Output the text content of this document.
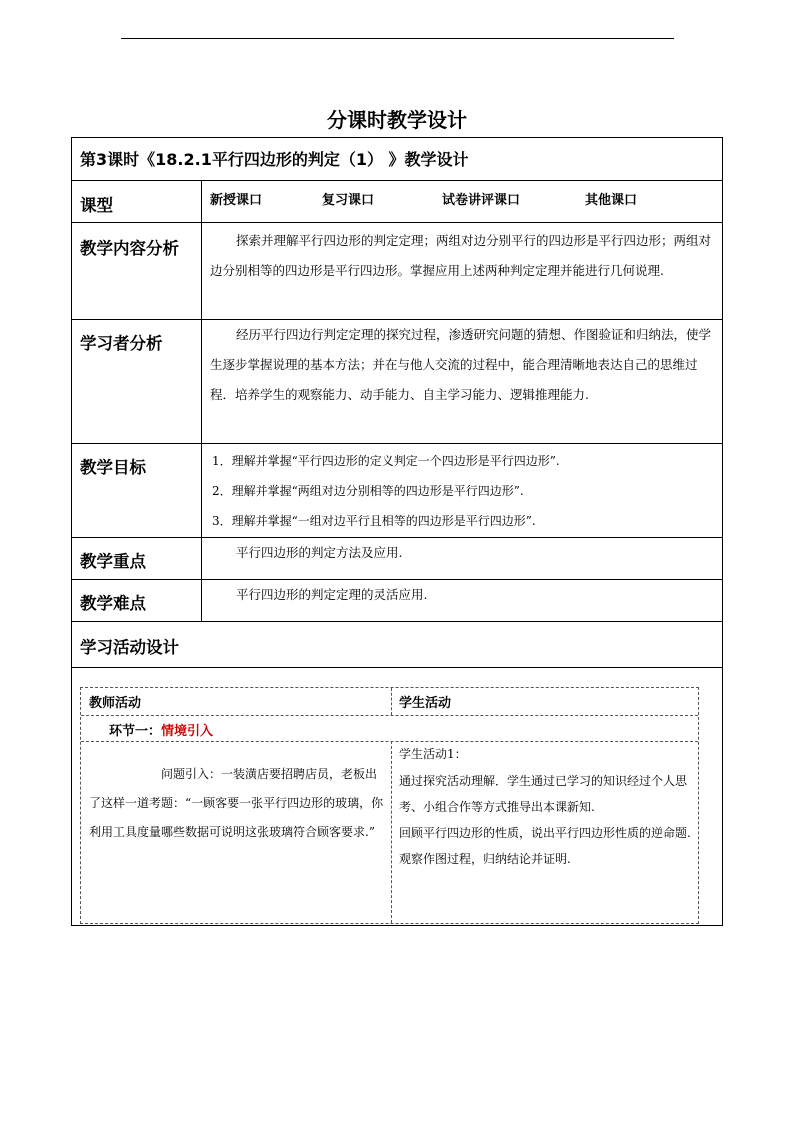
分课时教学设计
第3课时《18.2.1平行四边形的判定（1） 》教学设计
课型	新授课口	复习课口	试卷讲评课口	其他课口
教学内容分析	探索并理解平行四边形的判定定理；两组对边分别平行的四边形是平行四边形；两组对边分别相等的四边形是平行四边形。掌握应用上述两种判定定理并能进行几何说理.

学习者分析	经历平行四边行判定定理的探究过程，渗透研究问题的猜想、作图验证和归纳法，使学生逐步掌握说理的基本方法；并在与他人交流的过程中，能合理清晰地表达自己的思维过程．培养学生的观察能力、动手能力、自主学习能力、逻辑推理能力.

教学目标	1．理解并掌握“平行四边形的定义判定一个四边形是平行四边形”.
2．理解并掌握“两组对边分别相等的四边形是平行四边形”.
3．理解并掌握“一组对边平行且相等的四边形是平行四边形”.
教学重点	平行四边形的判定方法及应用.

教学难点	平行四边形的判定定理的灵活应用.

学习活动设计
教师活动	学生活动
环节一：情境引入

问题引入：一装潢店要招聘店员，老板出了这样一道考题：“一顾客要一张平行四边形的玻璃，你利用工具度量哪些数据可说明这张玻璃符合顾客要求.”

学生活动1：
通过探究活动理解．学生通过已学习的知识经过个人思考、小组合作等方式推导出本课新知.
回顾平行四边形的性质，说出平行四边形性质的逆命题.
观察作图过程，归纳结论并证明.
